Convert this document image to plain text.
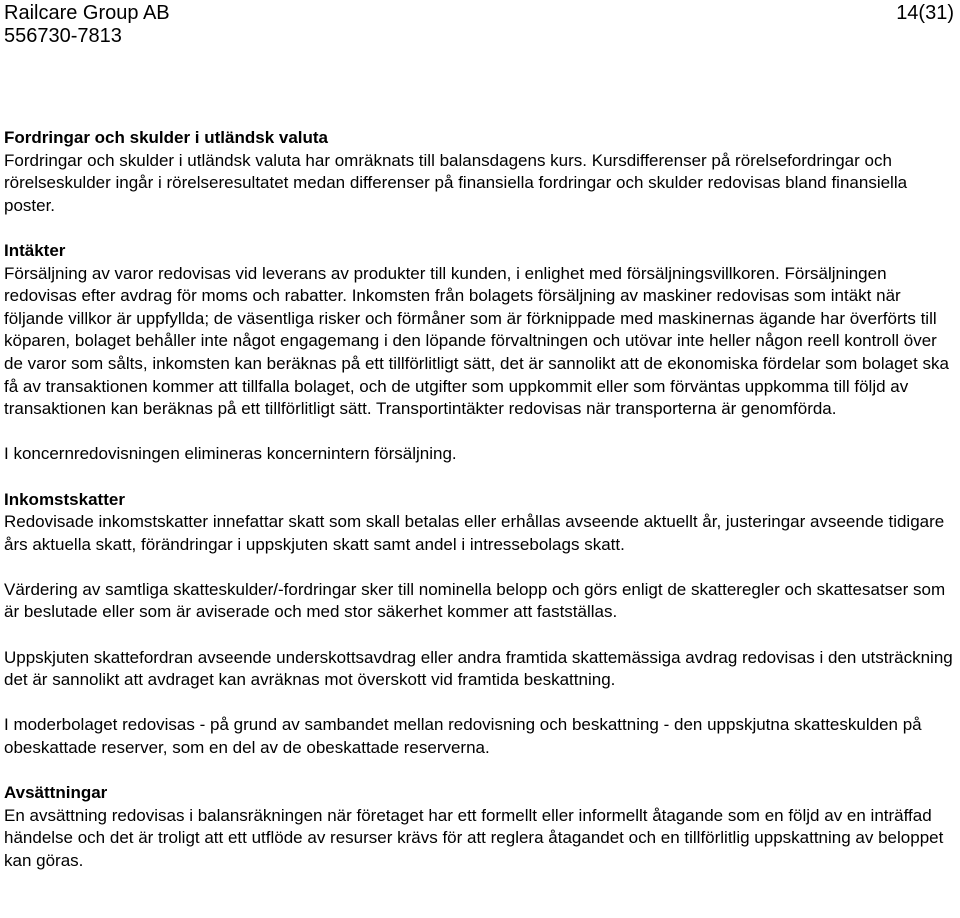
Railcare Group AB
556730-7813
14(31)

Fordringar och skulder i utländsk valuta

Fordringar och skulder i utländsk valuta har omräknats till balansdagens kurs. Kursdifferenser på rörelsefordringar och rörelseskulder ingår i rörelseresultatet medan differenser på finansiella fordringar och skulder redovisas bland finansiella poster.

Intäkter

Försäljning av varor redovisas vid leverans av produkter till kunden, i enlighet med försäljningsvillkoren. Försäljningen redovisas efter avdrag för moms och rabatter. Inkomsten från bolagets försäljning av maskiner redovisas som intäkt när följande villkor är uppfyllda; de väsentliga risker och förmåner som är förknippade med maskinernas ägande har överförts till köparen, bolaget behåller inte något engagemang i den löpande förvaltningen och utövar inte heller någon reell kontroll över de varor som sålts, inkomsten kan beräknas på ett tillförlitligt sätt, det är sannolikt att de ekonomiska fördelar som bolaget ska få av transaktionen kommer att tillfalla bolaget, och de utgifter som uppkommit eller som förväntas uppkomma till följd av transaktionen kan beräknas på ett tillförlitligt sätt. Transportintäkter redovisas när transporterna är genomförda.

I koncernredovisningen elimineras koncernintern försäljning.

Inkomstskatter

Redovisade inkomstskatter innefattar skatt som skall betalas eller erhållas avseende aktuellt år, justeringar avseende tidigare års aktuella skatt, förändringar i uppskjuten skatt samt andel i intressebolags skatt.

Värdering av samtliga skatteskulder/-fordringar sker till nominella belopp och görs enligt de skatteregler och skattesatser som är beslutade eller som är aviserade och med stor säkerhet kommer att fastställas.

Uppskjuten skattefordran avseende underskottsavdrag eller andra framtida skattemässiga avdrag redovisas i den utsträckning det är sannolikt att avdraget kan avräknas mot överskott vid framtida beskattning.

I moderbolaget redovisas - på grund av sambandet mellan redovisning och beskattning - den uppskjutna skatteskulden på obeskattade reserver, som en del av de obeskattade reserverna.

Avsättningar

En avsättning redovisas i balansräkningen när företaget har ett formellt eller informellt åtagande som en följd av en inträffad händelse och det är troligt att ett utflöde av resurser krävs för att reglera åtagandet och en tillförlitlig uppskattning av beloppet kan göras.
